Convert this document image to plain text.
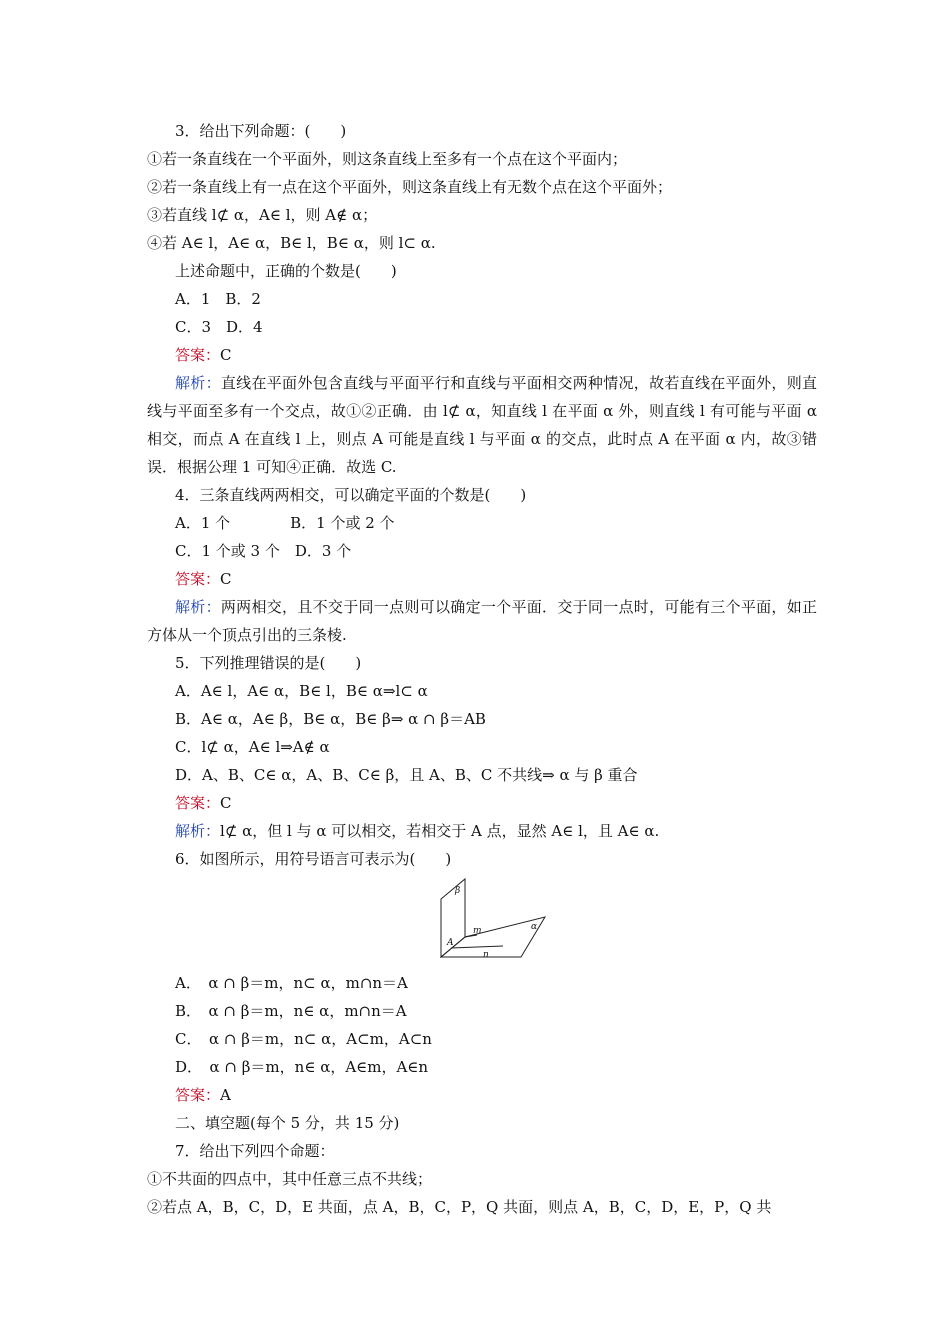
3．给出下列命题：(　　)
①若一条直线在一个平面外，则这条直线上至多有一个点在这个平面内；
②若一条直线上有一点在这个平面外，则这条直线上有无数个点在这个平面外；
③若直线 l⊄ α，A∈ l，则 A∉ α；
④若 A∈ l，A∈ α，B∈ l，B∈ α，则 l⊂ α.
上述命题中，正确的个数是(　　)
A．1　B．2
C．3　D．4
答案：C
解析：直线在平面外包含直线与平面平行和直线与平面相交两种情况，故若直线在平面外，则直线与平面至多有一个交点，故①②正确．由 l⊄ α，知直线 l 在平面 α 外，则直线 l 有可能与平面 α 相交，而点 A 在直线 l 上，则点 A 可能是直线 l 与平面 α 的交点，此时点 A 在平面 α 内，故③错误．根据公理 1 可知④正确．故选 C.
4．三条直线两两相交，可以确定平面的个数是(　　)
A．1 个　　　　B．1 个或 2 个
C．1 个或 3 个　D．3 个
答案：C
解析：两两相交，且不交于同一点则可以确定一个平面．交于同一点时，可能有三个平面，如正方体从一个顶点引出的三条棱.
5．下列推理错误的是(　　)
A．A∈ l，A∈ α，B∈ l，B∈ α⇒l⊂ α
B．A∈ α，A∈ β，B∈ α，B∈ β⇒ α ∩ β＝AB
C．l⊄ α，A∈ l⇒A∉ α
D．A、B、C∈ α，A、B、C∈ β，且 A、B、C 不共线⇒ α 与 β 重合
答案：C
解析：l⊄ α，但 l 与 α 可以相交，若相交于 A 点，显然 A∈ l，且 A∈ α.
6．如图所示，用符号语言可表示为(　　)
β
m	α
A
n
A．　α ∩ β＝m，n⊂ α，m∩n＝A
B．　α ∩ β＝m，n∈ α，m∩n＝A
C．　α ∩ β＝m，n⊂ α，A⊂m，A⊂n
D．　α ∩ β＝m，n∈ α，A∈m，A∈n
答案：A
二、填空题(每个 5 分，共 15 分)
7．给出下列四个命题：
①不共面的四点中，其中任意三点不共线；
②若点 A，B，C，D，E 共面，点 A，B，C，P，Q 共面，则点 A，B，C，D，E，P，Q 共
